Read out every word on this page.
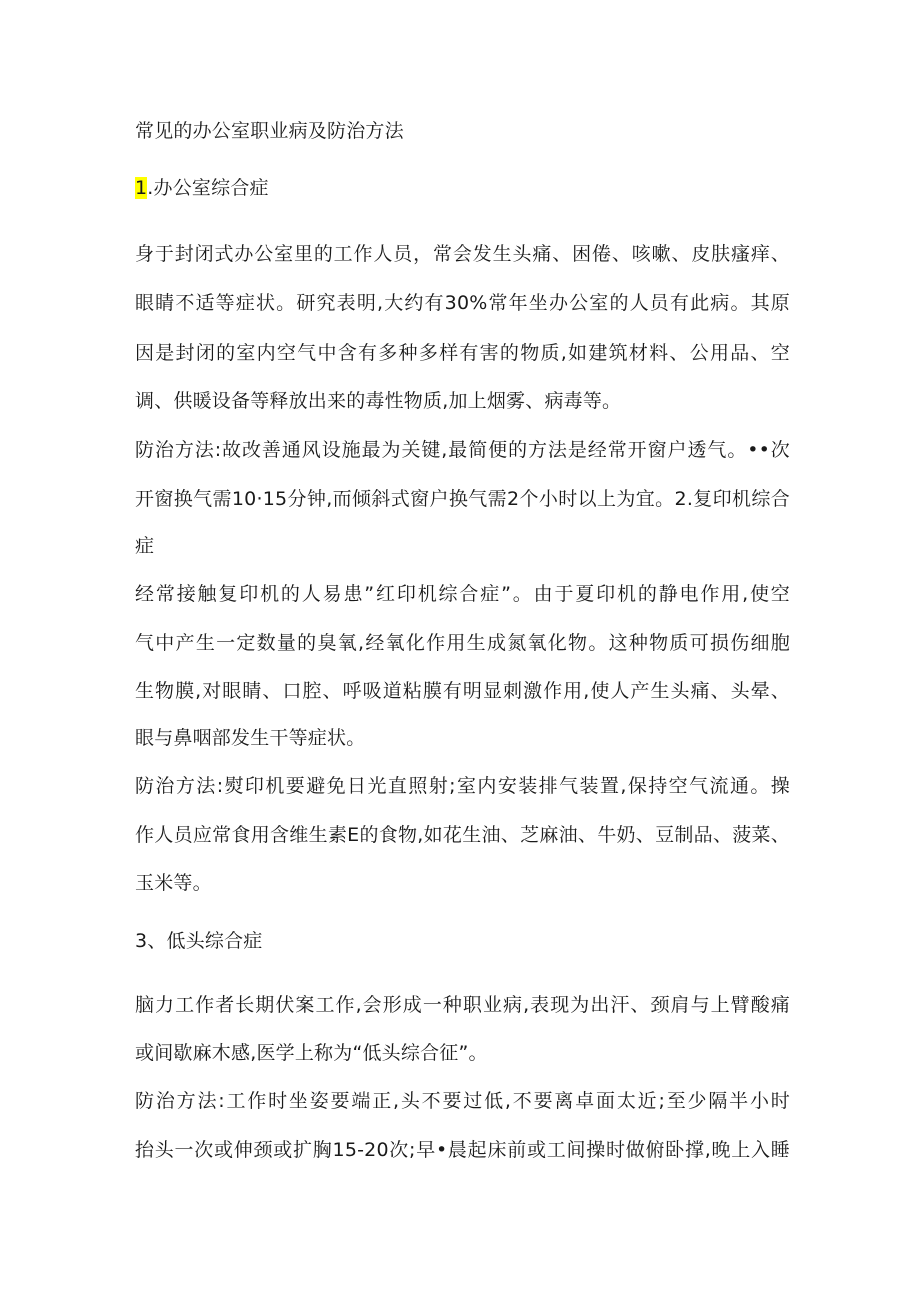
常见的办公室职业病及防治方法
1.办公室综合症
身于封闭式办公室里的工作人员，常会发生头痛、困倦、咳嗽、皮肤瘙痒、
眼睛不适等症状。研究表明,大约有30%常年坐办公室的人员有此病。其原
因是封闭的室内空气中含有多种多样有害的物质,如建筑材料、公用品、空
调、供暖设备等释放出来的毒性物质,加上烟雾、病毒等。
防治方法:故改善通风设施最为关键,最简便的方法是经常开窗户透气。••次
开窗换气需10·15分钟,而倾斜式窗户换气需2个小时以上为宜。2.复印机综合
症
经常接触复印机的人易患”红印机综合症”。由于夏印机的静电作用,使空
气中产生一定数量的臭氧,经氧化作用生成氮氧化物。这种物质可损伤细胞
生物膜,对眼睛、口腔、呼吸道粘膜有明显刺激作用,使人产生头痛、头晕、
眼与鼻咽部发生干等症状。
防治方法:熨印机要避免日光直照射;室内安装排气装置,保持空气流通。操
作人员应常食用含维生素E的食物,如花生油、芝麻油、牛奶、豆制品、菠菜、
玉米等。
3、低头综合症
脑力工作者长期伏案工作,会形成一种职业病,表现为出汗、颈肩与上臂酸痛
或间歇麻木感,医学上称为“低头综合征”。
防治方法:工作时坐姿要端正,头不要过低,不要离卓面太近;至少隔半小时
抬头一次或伸颈或扩胸15-20次;早•晨起床前或工间操时做俯卧撑,晚上入睡
